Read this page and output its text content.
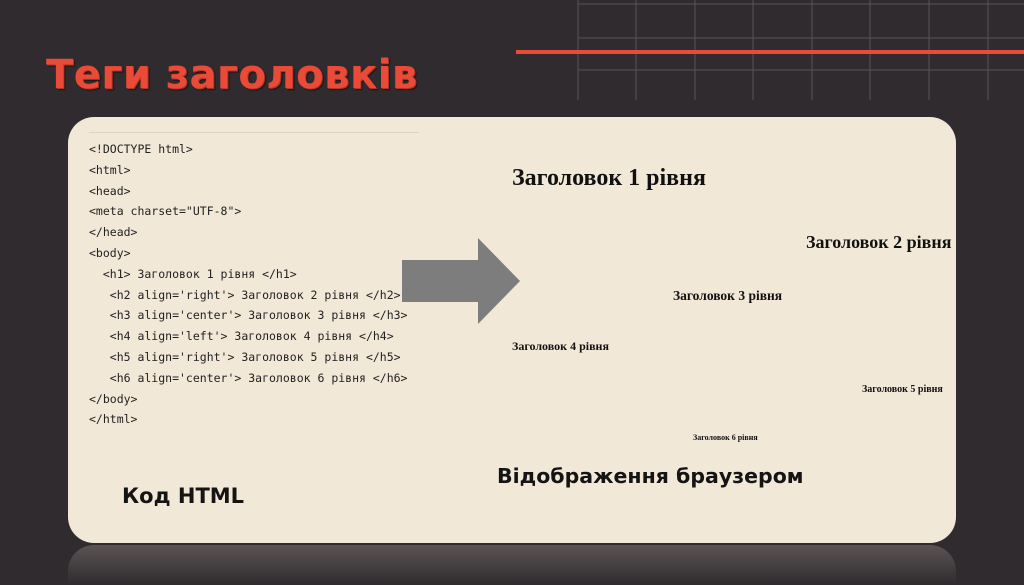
Теги заголовків
<!DOCTYPE html>
<html>
<head>
<meta charset="UTF-8">
</head>
<body>
<h1> Заголовок 1 рівня </h1>
<h2 align='right'> Заголовок 2 рівня </h2>
<h3 align='center'> Заголовок 3 рівня </h3>
<h4 align='left'> Заголовок 4 рівня </h4>
<h5 align='right'> Заголовок 5 рівня </h5>
<h6 align='center'> Заголовок 6 рівня </h6>
</body>
</html>
Заголовок 1 рівня
Заголовок 2 рівня
Заголовок 3 рівня
Заголовок 4 рівня
Заголовок 5 рівня
Заголовок 6 рівня
Код HTML
Відображення браузером
